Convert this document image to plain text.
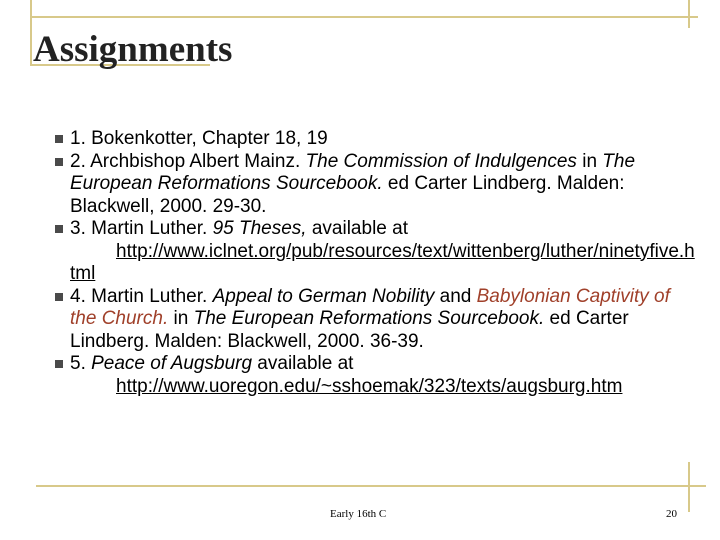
Assignments
1. Bokenkotter, Chapter 18, 19
2. Archbishop Albert Mainz. The Commission of Indulgences in The European Reformations Sourcebook. ed Carter Lindberg. Malden: Blackwell, 2000. 29-30.
3. Martin Luther. 95 Theses, available at
http://www.iclnet.org/pub/resources/text/wittenberg/luther/ninetyfive.html
4. Martin Luther. Appeal to German Nobility and Babylonian Captivity of the Church. in The European Reformations Sourcebook. ed Carter Lindberg. Malden: Blackwell, 2000. 36-39.
5. Peace of Augsburg available at
http://www.uoregon.edu/~sshoemak/323/texts/augsburg.htm
Early 16th C	20
